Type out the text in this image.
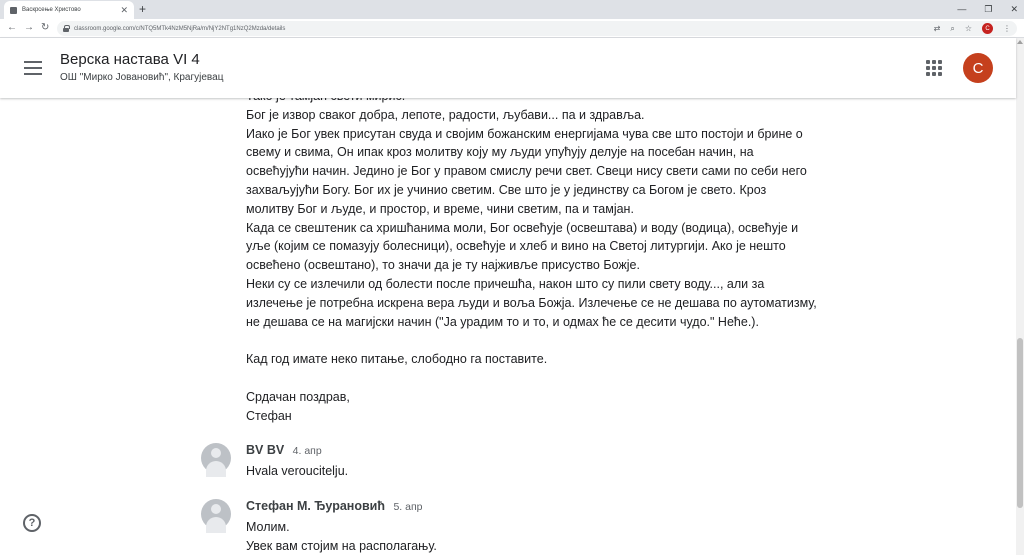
Васкрсење Христово	✕ +	— ❐ ✕
← → ↻	classroom.google.com/c/NTQ5MTk4NzM5NjRa/m/NjY2NTg1NzQ2Mzda/details	⇄ ⌕ ☆	C	⋮
Верска настава VI 4
ОШ "Мирко Јовановић", Крагујевац
C

Бог је извор сваког добра, лепоте, радости, љубави... па и здравља.

Иако је Бог увек присутан свуда и својим божанским енергијама чува све што постоји и брине о

свему и свима, Он ипак кроз молитву коју му људи упућују делује на посебан начин, на

освећујући начин. Једино је Бог у правом смислу речи свет. Свеци нису свети сами по себи него

захваљујући Богу. Бог их је учинио светим. Све што је у јединству са Богом је свето. Кроз

молитву Бог и људе, и простор, и време, чини светим, па и тамјан.

Када се свештеник са хришћанима моли, Бог освећује (освештава) и воду (водица), освећује и

уље (којим се помазују болесници), освећује и хлеб и вино на Светој литургији. Ако је нешто

освећено (освештано), то значи да је ту најживље присуство Божје.

Неки су се излечили од болести после причешћа, након што су пили свету воду..., али за

излечење је потребна искрена вера људи и воља Божја. Излечење се не дешава по аутоматизму,

не дешава се на магијски начин ("Ја урадим то и то, и одмах ће се десити чудо." Неће.).

Кад год имате неко питање, слободно га поставите.

Срдачан поздрав,

Стефан

BV BV 4. апр
Hvala veroucitelju.
Стефан М. Ђурановић 5. апр
Молим.
Увек вам стојим на располагању.
?
